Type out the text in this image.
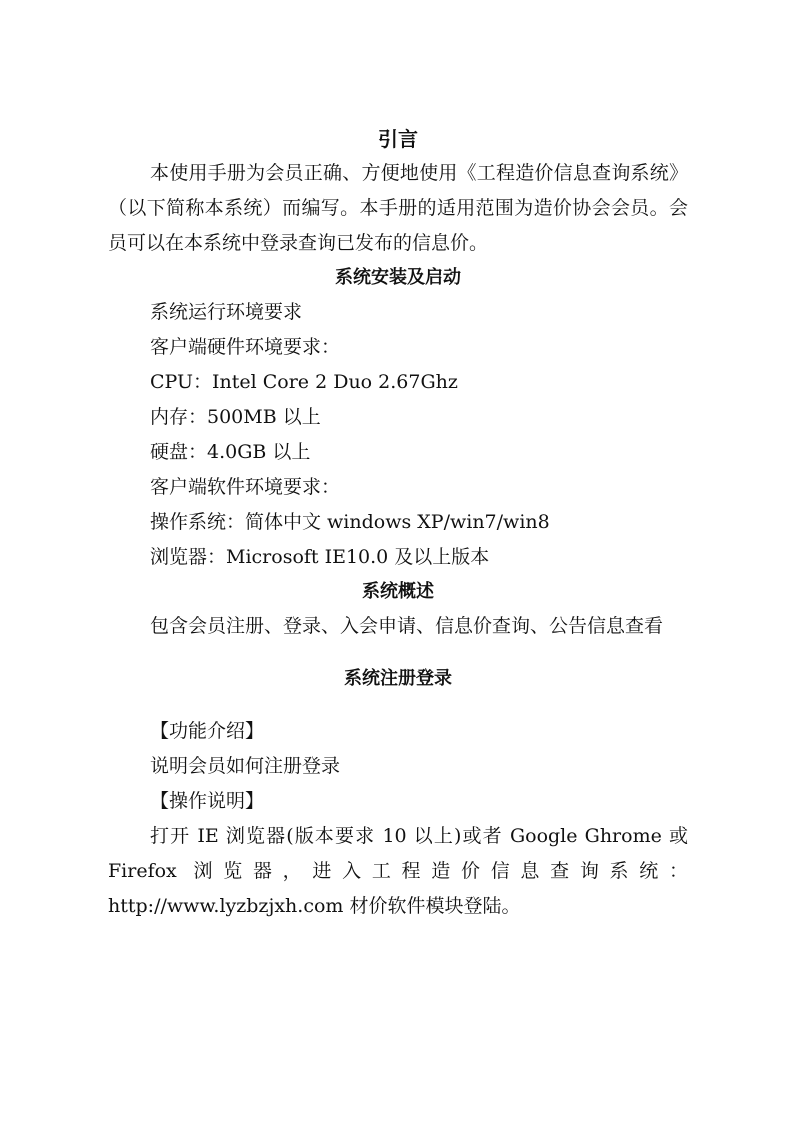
引言

本使用手册为会员正确、方便地使用《工程造价信息查询系统》（以下简称本系统）而编写。本手册的适用范围为造价协会会员。会员可以在本系统中登录查询已发布的信息价。

系统安装及启动

系统运行环境要求

客户端硬件环境要求：

CPU：Intel Core 2 Duo 2.67Ghz

内存：500MB 以上

硬盘：4.0GB 以上

客户端软件环境要求：

操作系统：简体中文 windows XP/win7/win8

浏览器：Microsoft IE10.0 及以上版本

系统概述

包含会员注册、登录、入会申请、信息价查询、公告信息查看

系统注册登录

【功能介绍】

说明会员如何注册登录

【操作说明】

打开 IE 浏览器(版本要求 10 以上)或者 Google Ghrome 或 Firefox 浏览器，进入工程造价信息查询系统：http://www.lyzbzjxh.com 材价软件模块登陆。
